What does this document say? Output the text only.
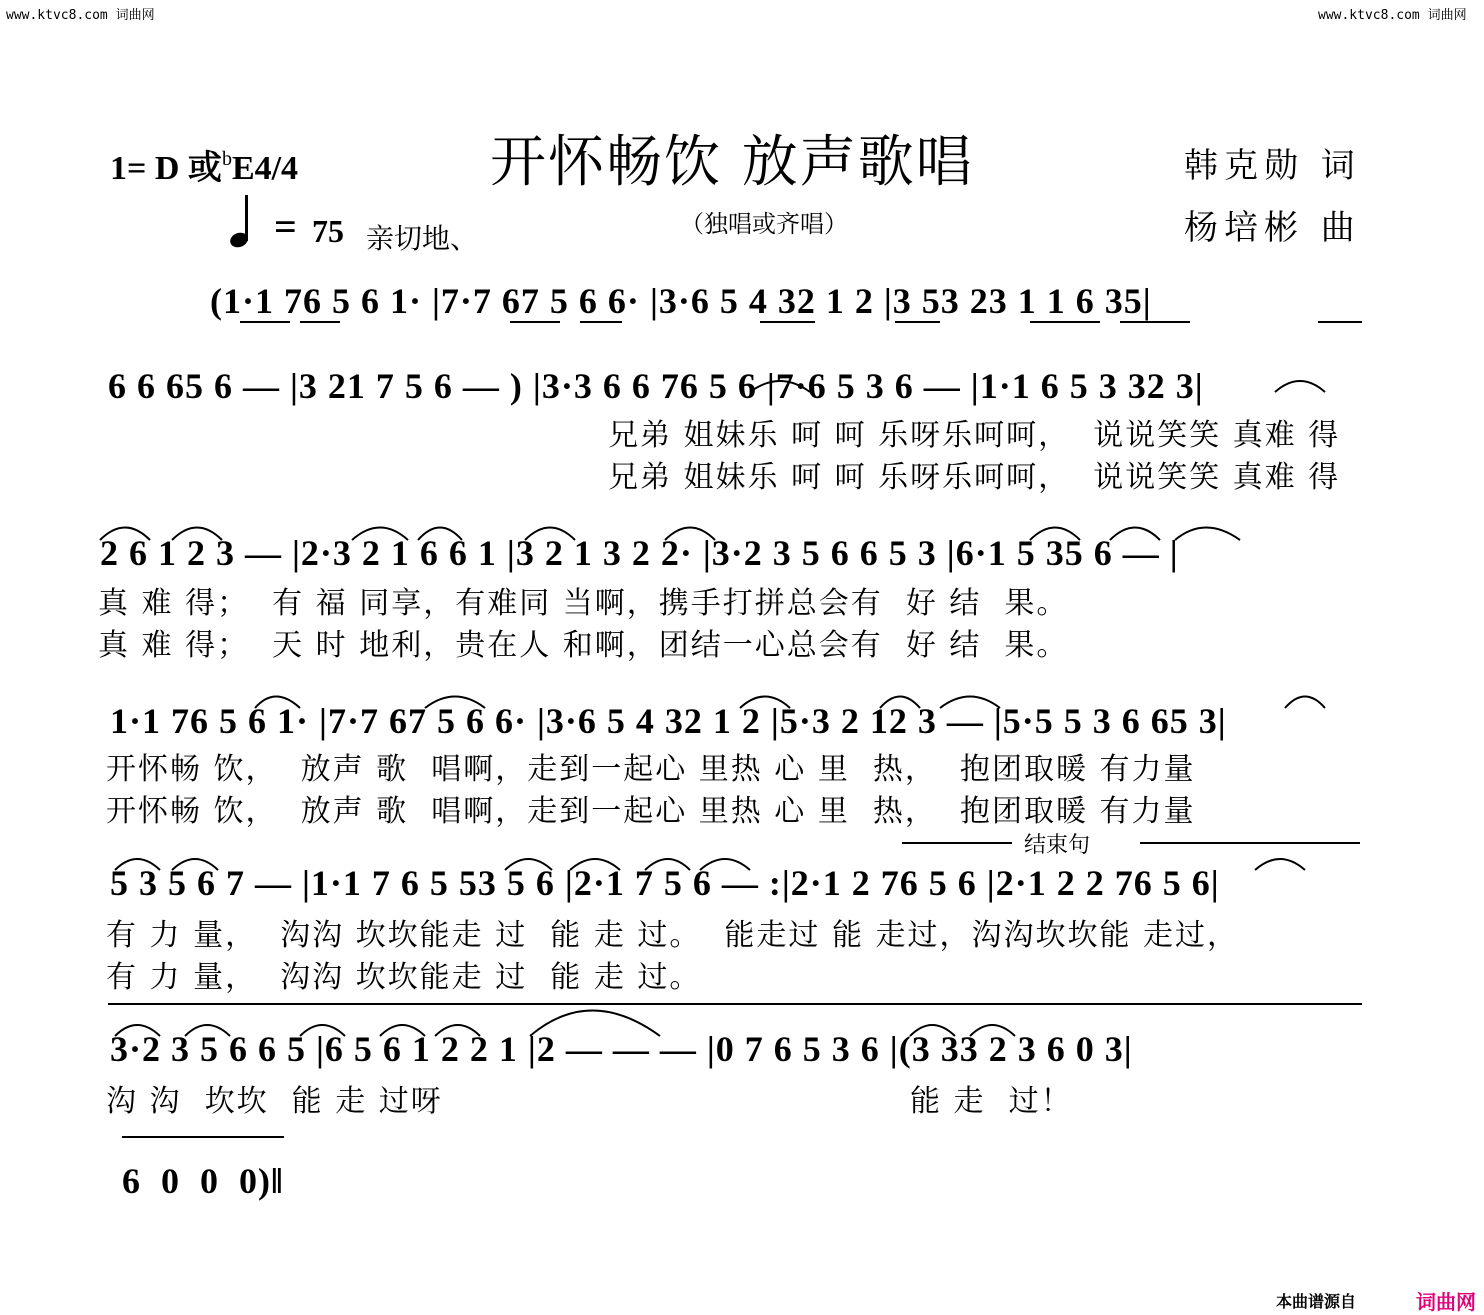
www.ktvc8.com 词曲网	www.ktvc8.com 词曲网
1= D 或$^b$E4/4	开怀畅饮 放声歌唱
（独唱或齐唱）
韩克勋 词
杨培彬 曲

=

75

亲切地、

(1·1 76 5 6 1· |7·7 67 5 6 6· |3·6 5 4 32 1 2 |3 53 23 1 1 6 35|
6 6 65 6 — |3 21 7 5 6 — ) |3·3 6 6 76 5 6 |7·6 5 3 6 — |1·1 6 5 3 32 3|
兄弟 姐妹乐 呵 呵 乐呀乐呵呵，  说说笑笑 真难 得
兄弟 姐妹乐 呵 呵 乐呀乐呵呵，  说说笑笑 真难 得
2 6 1 2 3 — |2·3 2 1 6 6 1 |3 2 1 3 2 2· |3·2 3 5 6 6 5 3 |6·1 5 35 6 — |
真 难 得；  有 福 同享，有难同 当啊，携手打拼总会有  好 结  果。
真 难 得；  天 时 地利，贵在人 和啊，团结一心总会有  好 结  果。
1·1 76 5 6 1· |7·7 67 5 6 6· |3·6 5 4 32 1 2 |5·3 2 12 3 — |5·5 5 3 6 65 3|
开怀畅 饮，  放声 歌  唱啊，走到一起心 里热 心 里  热，  抱团取暖 有力量
开怀畅 饮，  放声 歌  唱啊，走到一起心 里热 心 里  热，  抱团取暖 有力量
结束句
5 3 5 6 7 — |1·1 7 6 5 53 5 6 |2·1 7 5 6 — :|2·1 2 76 5 6 |2·1 2 2 76 5 6|
有 力 量，  沟沟 坎坎能走 过  能 走 过。  能走过 能 走过，沟沟坎坎能 走过，
有 力 量，  沟沟 坎坎能走 过  能 走 过。
3·2 3 5 6 6 5 |6 5 6 1 2 2 1 |2 — — — |0 7 6 5 3 6 |(3 33 2 3 6 0 3|
沟 沟  坎坎  能 走 过呀	能 走  过！
6  0  0  0)‖
本曲谱源自	词曲网
